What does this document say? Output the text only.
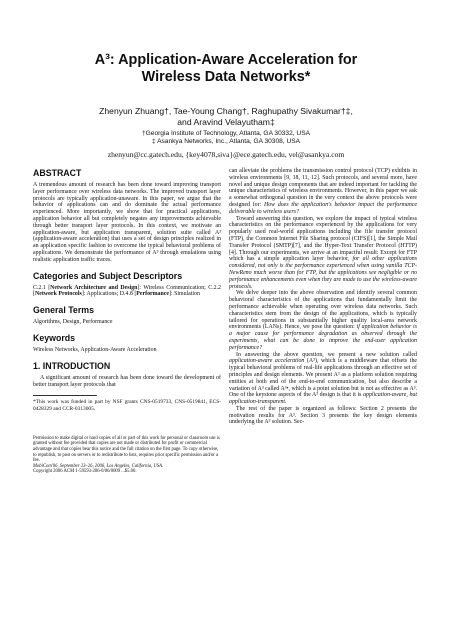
A³: Application-Aware Acceleration for
Wireless Data Networks*
Zhenyun Zhuang†, Tae-Young Chang†, Raghupathy Sivakumar†‡,
and Aravind Velayutham‡
†Georgia Institute of Technology, Atlanta, GA 30332, USA
‡ Asankya Networks, Inc., Atlanta, GA 30308, USA
zhenyun@cc.gatech.edu, {key4078,siva}@ece.gatech.edu, vel@asankya.com
ABSTRACT

A tremendous amount of research has been done toward improving transport layer performance over wireless data networks. The improved transport layer protocols are typically application-unaware. In this paper, we argue that the behavior of applications can and do dominate the actual performance experienced. More importantly, we show that for practical applications, application behavior all but completely negates any improvements achievable through better transport layer protocols. In this context, we motivate an application-aware, but application transparent, solution suite called A³ (application-aware acceleration) that uses a set of design principles realized in an application specific fashion to overcome the typical behavioral problems of applications. We demonstrate the performance of A³ through emulations using realistic application traffic traces.

Categories and Subject Descriptors

C.2.1 [Network Architecture and Design]: Wireless Communication; C.2.2 [Network Protocols]: Applications; D.4.8 [Performance]: Simulation

General Terms

Algorithms, Design, Performance

Keywords

Wireless Networks, Application-Aware Acceleration

1. INTRODUCTION

A significant amount of research has been done toward the development of better transport layer protocols that

*This work was funded in part by NSF grants CNS-0519733, CNS-0519841, ECS-0428329 and CCR-0313005.

Permission to make digital or hard copies of all or part of this work for personal or classroom use is granted without fee provided that copies are not made or distributed for profit or commercial advantage and that copies bear this notice and the full citation on the first page. To copy otherwise, to republish, to post on servers or to redistribute to lists, requires prior specific permission and/or a fee.

MobiCom'06, September 23–26, 2006, Los Angeles, California, USA.

Copyright 2006 ACM 1-59593-286-0/06/0009 ...$5.00.

can alleviate the problems the transmission control protocol (TCP) exhibits in wireless environments [9, 18, 11, 12]. Such protocols, and several more, have novel and unique design components that are indeed important for tackling the unique characteristics of wireless environments. However, in this paper we ask a somewhat orthogonal question in the very context the above protocols were designed for: How does the application's behavior impact the performance deliverable to wireless users?

Toward answering this question, we explore the impact of typical wireless characteristics on the performance experienced by the applications for very popularly used real-world applications including the file transfer protocol (FTP), the Common Internet File Sharing protocol (CIFS)[1], the Simple Mail Transfer Protocol (SMTP)[7], and the Hyper-Text Transfer Protocol (HTTP)[4]. Through our experiments, we arrive at an impactful result: Except for FTP which has a simple application layer behavior, for all other applications considered, not only is the performance experienced when using vanilla TCP-NewReno much worse than for FTP, but the applications see negligible or no performance enhancements even when they are made to use the wireless-aware protocols.

We delve deeper into the above observation and identify several common behavioral characteristics of the applications that fundamentally limit the performance achievable when operating over wireless data networks. Such characteristics stem from the design of the applications, which is typically tailored for operations in substantially higher quality local-area network environments (LANs). Hence, we pose the question: if application behavior is a major cause for performance degradation as observed through the experiments, what can be done to improve the end-user application performance?

In answering the above question, we present a new solution called application-aware acceleration (A³), which is a middleware that offsets the typical behavioral problems of real-life applications through an effective set of principles and design elements. We present A³ as a platform solution requiring entities at both end of the end-to-end communication, but also describe a variation of A³ called A³•, which is a point solution but is not as effective as A³. One of the keystone aspects of the A³ design is that it is application-aware, but application-transparent.

The rest of the paper is organized as follows: Section 2 presents the motivation results for A³. Section 3 presents the key design elements underlying the A³ solution. Sec-
